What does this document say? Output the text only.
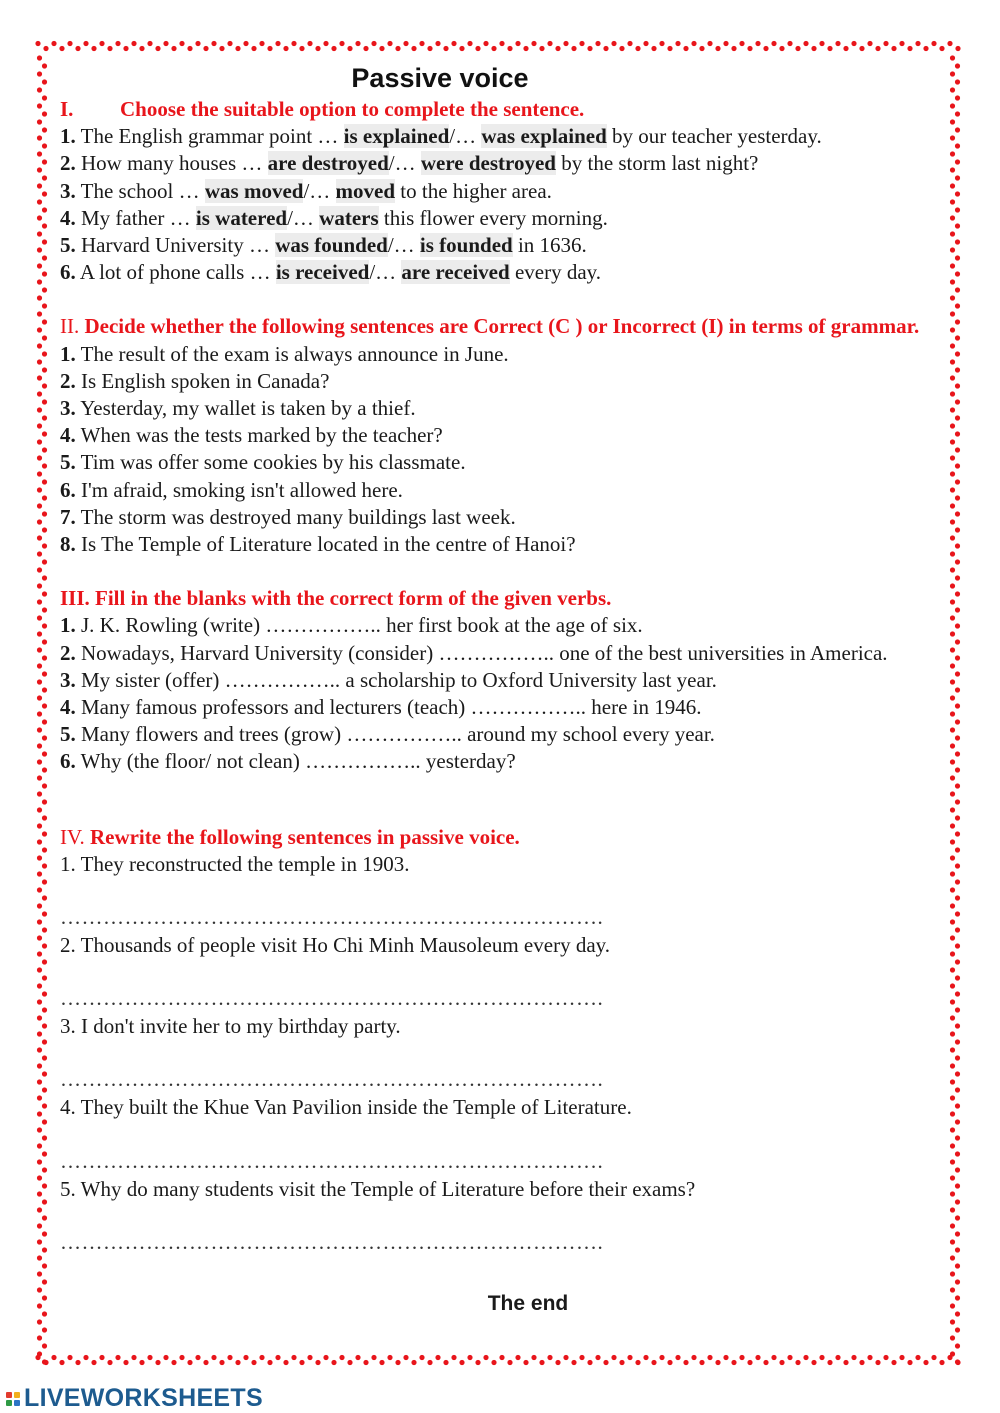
Passive voice
I. Choose the suitable option to complete the sentence.
1. The English grammar point … is explained/… was explained by our teacher yesterday.
2. How many houses … are destroyed/… were destroyed by the storm last night?
3. The school … was moved/… moved to the higher area.
4. My father … is watered/… waters this flower every morning.
5. Harvard University … was founded/… is founded in 1636.
6. A lot of phone calls … is received/… are received every day.
II. Decide whether the following sentences are Correct (C ) or Incorrect (I) in terms of grammar.
1. The result of the exam is always announce in June.
2. Is English spoken in Canada?
3. Yesterday, my wallet is taken by a thief.
4. When was the tests marked by the teacher?
5. Tim was offer some cookies by his classmate.
6. I'm afraid, smoking isn't allowed here.
7. The storm was destroyed many buildings last week.
8. Is The Temple of Literature located in the centre of Hanoi?
III. Fill in the blanks with the correct form of the given verbs.
1. J. K. Rowling (write) …………….. her first book at the age of six.
2. Nowadays, Harvard University (consider) …………….. one of the best universities in America.
3. My sister (offer) …………….. a scholarship to Oxford University last year.
4. Many famous professors and lecturers (teach) …………….. here in 1946.
5. Many flowers and trees (grow) …………….. around my school every year.
6. Why (the floor/ not clean) …………….. yesterday?
IV. Rewrite the following sentences in passive voice.
1. They reconstructed the temple in 1903.
………………………………………………………………….
2. Thousands of people visit Ho Chi Minh Mausoleum every day.
………………………………………………………………….
3. I don't invite her to my birthday party.
………………………………………………………………….
4. They built the Khue Van Pavilion inside the Temple of Literature.
………………………………………………………………….
5. Why do many students visit the Temple of Literature before their exams?
………………………………………………………………….
The end
LIVEWORKSHEETS
